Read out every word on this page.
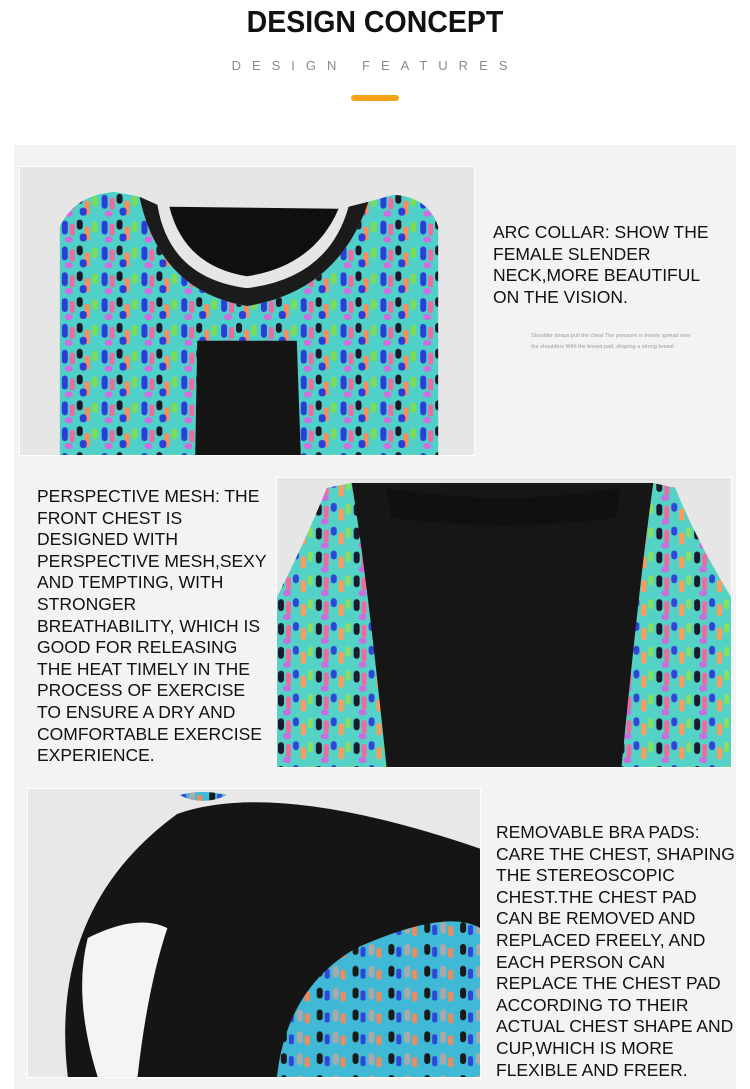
DESIGN CONCEPT
DESIGN FEATURES
ARC COLLAR: SHOW THE FEMALE SLENDER NECK,MORE BEAUTIFUL ON THE VISION.
Shoulder straps pull the chest The pressure is evenly spread over the shoulders With the breast pad, shaping a strong breast
PERSPECTIVE MESH: THE FRONT CHEST IS DESIGNED WITH PERSPECTIVE MESH,SEXY AND TEMPTING, WITH STRONGER BREATHABILITY, WHICH IS GOOD FOR RELEASING THE HEAT TIMELY IN THE PROCESS OF EXERCISE TO ENSURE A DRY AND COMFORTABLE EXERCISE EXPERIENCE.
REMOVABLE BRA PADS: CARE THE CHEST, SHAPING THE STEREOSCOPIC CHEST.THE CHEST PAD CAN BE REMOVED AND REPLACED FREELY, AND EACH PERSON CAN REPLACE THE CHEST PAD ACCORDING TO THEIR ACTUAL CHEST SHAPE AND CUP,WHICH IS MORE FLEXIBLE AND FREER.
